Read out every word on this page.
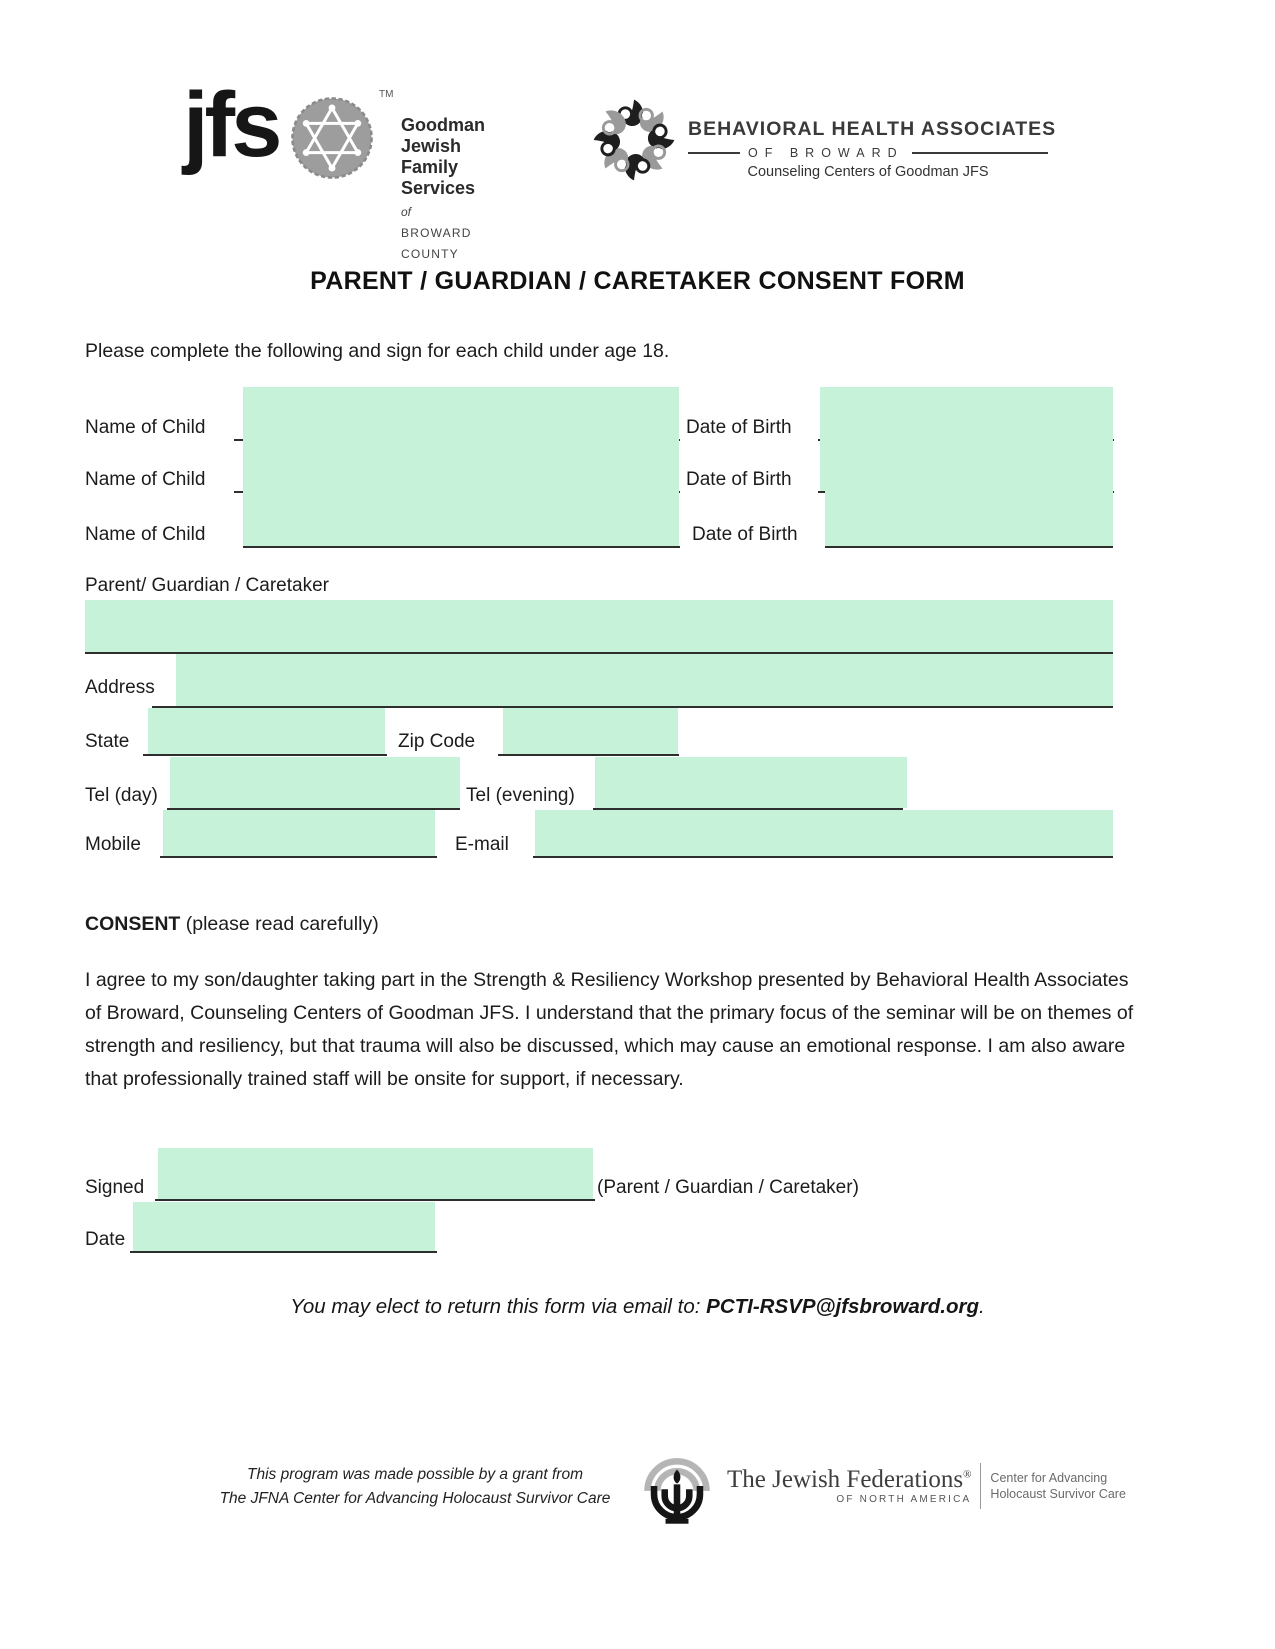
jfs	TM
Goodman Jewish
Family Services
of BROWARD COUNTY
BEHAVIORAL HEALTH ASSOCIATES
OF BROWARD
Counseling Centers of Goodman JFS
PARENT / GUARDIAN / CARETAKER CONSENT FORM
Please complete the following and sign for each child under age 18.
Name of Child	Date of Birth
Name of Child	Date of Birth
Name of Child	Date of Birth
Parent/ Guardian / Caretaker
Address
State	Zip Code
Tel (day)	Tel (evening)
Mobile	E-mail
CONSENT (please read carefully)
I agree to my son/daughter taking part in the Strength & Resiliency Workshop presented by Behavioral Health Associates of Broward, Counseling Centers of Goodman JFS. I understand that the primary focus of the seminar will be on themes of strength and resiliency, but that trauma will also be discussed, which may cause an emotional response. I am also aware that professionally trained staff will be onsite for support, if necessary.
Signed	(Parent / Guardian / Caretaker)
Date
You may elect to return this form via email to: PCTI-RSVP@jfsbroward.org.
This program was made possible by a grant from
The JFNA Center for Advancing Holocaust Survivor Care
The Jewish Federations®
OF NORTH AMERICA
Center for Advancing
Holocaust Survivor Care
